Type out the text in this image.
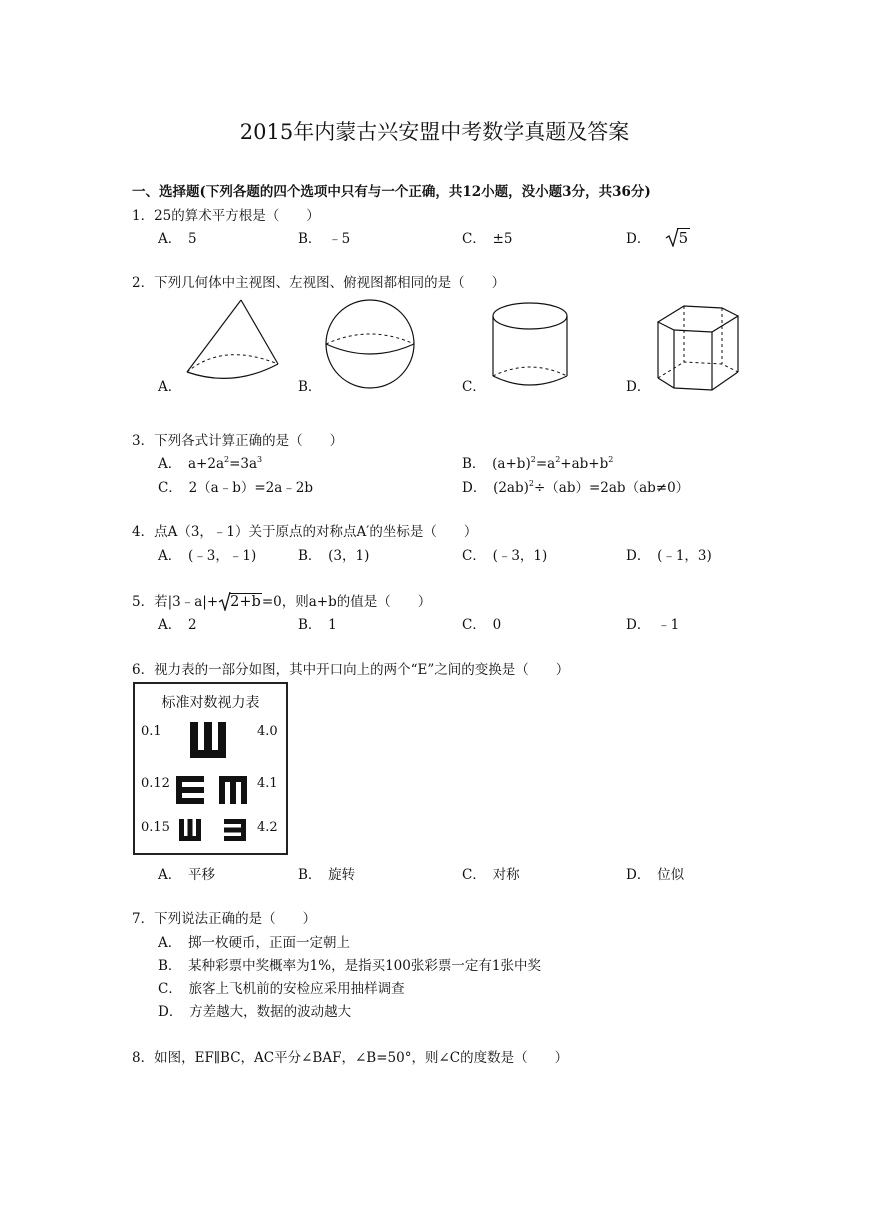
2015年内蒙古兴安盟中考数学真题及答案
一、选择题(下列各题的四个选项中只有与一个正确，共12小题，没小题3分，共36分)
1．25的算术平方根是（　　）
A．　5	B．　﹣5	C．　±5	D． 5
2．下列几何体中主视图、左视图、俯视图都相同的是（　　）
A．	B．	C．	D．
3．下列各式计算正确的是（　　）
A．　$a+2a^2=3a^3$	B．　$(a+b)^2=a^2+ab+b^2$
C．　2（a﹣b）=2a﹣2b	D．　$(2ab)^2\div(ab)=2ab(ab\ne 0)$
4．点A（3，﹣1）关于原点的对称点A′的坐标是（　　）
A．　(﹣3，﹣1)	B．　(3，1)	C．　(﹣3，1)	D．　(﹣1，3)
5．若|3﹣a|+ 2+b=0，则a+b的值是（　　）
A．　2	B．　1	C．　0	D．　﹣1
6．视力表的一部分如图，其中开口向上的两个“E”之间的变换是（　　）
标准对数视力表
0.1
0.12
0.15
4.0
4.1
4.2
A．　平移	B．　旋转	C．　对称	D．　位似
7．下列说法正确的是（　　）
A．　掷一枚硬币，正面一定朝上
B．　某种彩票中奖概率为1%，是指买100张彩票一定有1张中奖
C．　旅客上飞机前的安检应采用抽样调查
D．　方差越大，数据的波动越大
8．如图，EF∥BC，AC平分∠BAF，∠B=50°，则∠C的度数是（　　）
